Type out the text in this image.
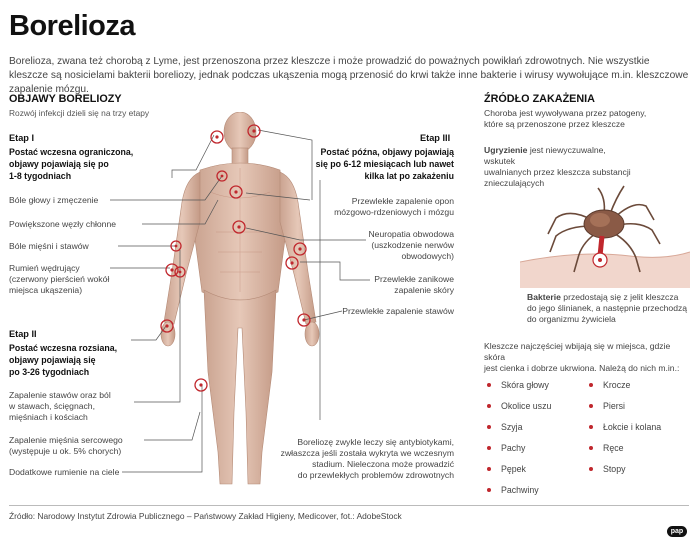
Borelioza
Borelioza, zwana też chorobą z Lyme, jest przenoszona przez kleszcze i może prowadzić do poważnych powikłań zdrowotnych. Nie wszystkie kleszcze są nosicielami bakterii boreliozy, jednak podczas ukąszenia mogą przenosić do krwi także inne bakterie i wirusy wywołujące m.in. kleszczowe zapalenie mózgu.
OBJAWY BORELIOZY
Rozwój infekcji dzieli się na trzy etapy
Etap I
Postać wczesna ograniczona,
objawy pojawiają się po
1-8 tygodniach
Etap II
Postać wczesna rozsiana,
objawy pojawiają się
po 3-26 tygodniach
Etap III
Postać późna, objawy pojawiają
się po 6-12 miesiącach lub nawet
kilka lat po zakażeniu
Bóle głowy i zmęczenie
Powiększone węzły chłonne
Bóle mięśni i stawów
Rumień wędrujący
(czerwony pierścień wokół
miejsca ukąszenia)
Zapalenie stawów oraz ból
w stawach, ścięgnach,
mięśniach i kościach
Zapalenie mięśnia sercowego
(występuje u ok. 5% chorych)
Dodatkowe rumienie na ciele
Przewlekłe zapalenie opon
mózgowo-rdzeniowych i mózgu
Neuropatia obwodowa
(uszkodzenie nerwów
obwodowych)
Przewlekłe zanikowe
zapalenie skóry
Przewlekłe zapalenie stawów
Boreliozę zwykle leczy się antybiotykami,
zwłaszcza jeśli została wykryta we wczesnym
stadium. Nieleczona może prowadzić
do przewlekłych problemów zdrowotnych
ŹRÓDŁO ZAKAŻENIA
Choroba jest wywoływana przez patogeny,
które są przenoszone przez kleszcze
Ugryzienie jest niewyczuwalne, wskutek
uwalnianych przez kleszcza substancji
znieczulających
Bakterie przedostają się z jelit kleszcza
do jego ślinianek, a następnie przechodzą
do organizmu żywiciela
Kleszcze najczęściej wbijają się w miejsca, gdzie skóra
jest cienka i dobrze ukrwiona. Należą do nich m.in.:
Skóra głowy
Okolice uszu
Szyja
Pachy
Pępek
Pachwiny
Krocze
Piersi
Łokcie i kolana
Ręce
Stopy
Źródło: Narodowy Instytut Zdrowia Publicznego – Państwowy Zakład Higieny, Medicover, fot.: AdobeStock
pap
